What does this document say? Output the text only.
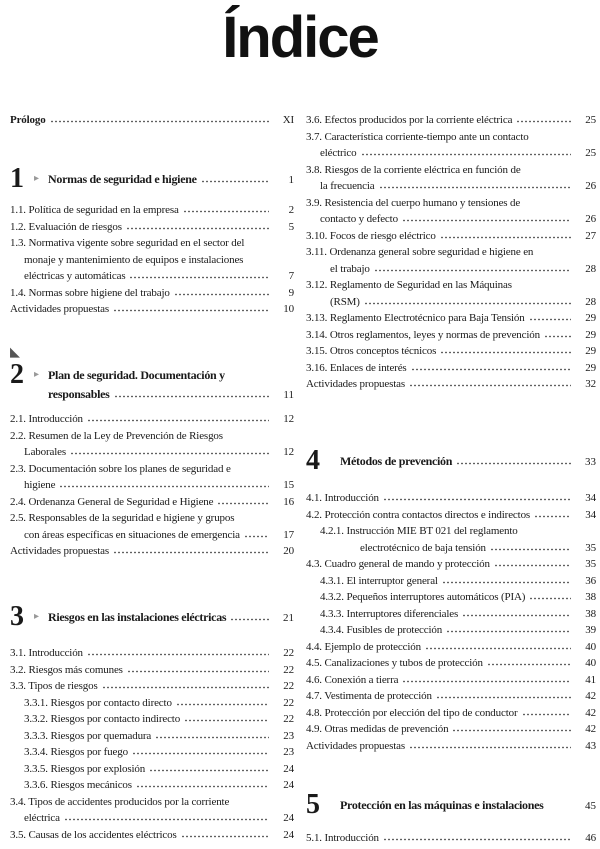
Índice
Prólogo	XI
1	▸ Normas de seguridad e higiene	1
1.1. Política de seguridad en la empresa	2
1.2. Evaluación de riesgos	5
1.3. Normativa vigente sobre seguridad en el sector del
monaje y mantenimiento de equipos e instalaciones
eléctricas y automáticas	7
1.4. Normas sobre higiene del trabajo	9
Actividades propuestas	10
◣
2	▸ Plan de seguridad. Documentación y
responsables	11
2.1. Introducción	12
2.2. Resumen de la Ley de Prevención de Riesgos
Laborales	12
2.3. Documentación sobre los planes de seguridad e
higiene	15
2.4. Ordenanza General de Seguridad e Higiene	16
2.5. Responsables de la seguridad e higiene y grupos
con áreas específicas en situaciones de emergencia	17
Actividades propuestas	20
3	▸ Riesgos en las instalaciones eléctricas	21
3.1. Introducción	22
3.2. Riesgos más comunes	22
3.3. Tipos de riesgos	22
3.3.1. Riesgos por contacto directo	22
3.3.2. Riesgos por contacto indirecto	22
3.3.3. Riesgos por quemadura	23
3.3.4. Riesgos por fuego	23
3.3.5. Riesgos por explosión	24
3.3.6. Riesgos mecánicos	24
3.4. Tipos de accidentes producidos por la corriente
eléctrica	24
3.5. Causas de los accidentes eléctricos	24
3.6. Efectos producidos por la corriente eléctrica	25
3.7. Característica corriente-tiempo ante un contacto
eléctrico	25
3.8. Riesgos de la corriente eléctrica en función de
la frecuencia	26
3.9. Resistencia del cuerpo humano y tensiones de
contacto y defecto	26
3.10. Focos de riesgo eléctrico	27
3.11. Ordenanza general sobre seguridad e higiene en
el trabajo	28
3.12. Reglamento de Seguridad en las Máquinas
(RSM)	28
3.13. Reglamento Electrotécnico para Baja Tensión	29
3.14. Otros reglamentos, leyes y normas de prevención	29
3.15. Otros conceptos técnicos	29
3.16. Enlaces de interés	29
Actividades propuestas	32
4	Métodos de prevención	33
4.1. Introducción	34
4.2. Protección contra contactos directos e indirectos	34
4.2.1. Instrucción MIE BT 021 del reglamento
electrotécnico de baja tensión	35
4.3. Cuadro general de mando y protección	35
4.3.1. El interruptor general	36
4.3.2. Pequeños interruptores automáticos (PIA)	38
4.3.3. Interruptores diferenciales	38
4.3.4. Fusibles de protección	39
4.4. Ejemplo de protección	40
4.5. Canalizaciones y tubos de protección	40
4.6. Conexión a tierra	41
4.7. Vestimenta de protección	42
4.8. Protección por elección del tipo de conductor	42
4.9. Otras medidas de prevención	42
Actividades propuestas	43
5	Protección en las máquinas e instalaciones	45
5.1. Introducción	46
